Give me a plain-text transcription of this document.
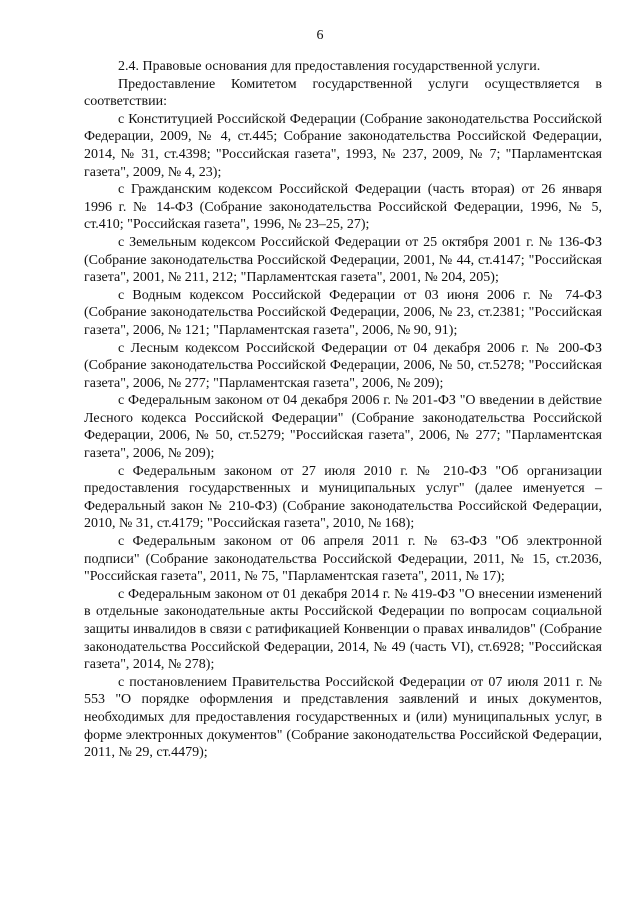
6

2.4. Правовые основания для предоставления государственной услуги.

Предоставление Комитетом государственной услуги осуществляется в соответствии:

с Конституцией Российской Федерации (Собрание законодательства Российской Федерации, 2009, № 4, ст.445; Собрание законодательства Российской Федерации, 2014, № 31, ст.4398; "Российская газета", 1993, № 237, 2009, № 7; "Парламентская газета", 2009, № 4, 23);

с Гражданским кодексом Российской Федерации (часть вторая) от 26 января 1996 г. № 14-ФЗ (Собрание законодательства Российской Федерации, 1996, № 5, ст.410; "Российская газета", 1996, № 23–25, 27);

с Земельным кодексом Российской Федерации от 25 октября 2001 г. № 136-ФЗ (Собрание законодательства Российской Федерации, 2001, № 44, ст.4147; "Российская газета", 2001, № 211, 212; "Парламентская газета", 2001, № 204, 205);

с Водным кодексом Российской Федерации от 03 июня 2006 г. № 74-ФЗ (Собрание законодательства Российской Федерации, 2006, № 23, ст.2381; "Российская газета", 2006, № 121; "Парламентская газета", 2006, № 90, 91);

с Лесным кодексом Российской Федерации от 04 декабря 2006 г. № 200-ФЗ (Собрание законодательства Российской Федерации, 2006, № 50, ст.5278; "Российская газета", 2006, № 277; "Парламентская газета", 2006, № 209);

с Федеральным законом от 04 декабря 2006 г. № 201-ФЗ "О введении в действие Лесного кодекса Российской Федерации" (Собрание законодательства Российской Федерации, 2006, № 50, ст.5279; "Российская газета", 2006, № 277; "Парламентская газета", 2006, № 209);

с Федеральным законом от 27 июля 2010 г. № 210-ФЗ "Об организации предоставления государственных и муниципальных услуг" (далее именуется – Федеральный закон № 210-ФЗ) (Собрание законодательства Российской Федерации, 2010, № 31, ст.4179; "Российская газета", 2010, № 168);

с Федеральным законом от 06 апреля 2011 г. № 63-ФЗ "Об электронной подписи" (Собрание законодательства Российской Федерации, 2011, № 15, ст.2036, "Российская газета", 2011, № 75, "Парламентская газета", 2011, № 17);

с Федеральным законом от 01 декабря 2014 г. № 419-ФЗ "О внесении изменений в отдельные законодательные акты Российской Федерации по вопросам социальной защиты инвалидов в связи с ратификацией Конвенции о правах инвалидов" (Собрание законодательства Российской Федерации, 2014, № 49 (часть VI), ст.6928; "Российская газета", 2014, № 278);

с постановлением Правительства Российской Федерации от 07 июля 2011 г. № 553 "О порядке оформления и представления заявлений и иных документов, необходимых для предоставления государственных и (или) муниципальных услуг, в форме электронных документов" (Собрание законодательства Российской Федерации, 2011, № 29, ст.4479);
